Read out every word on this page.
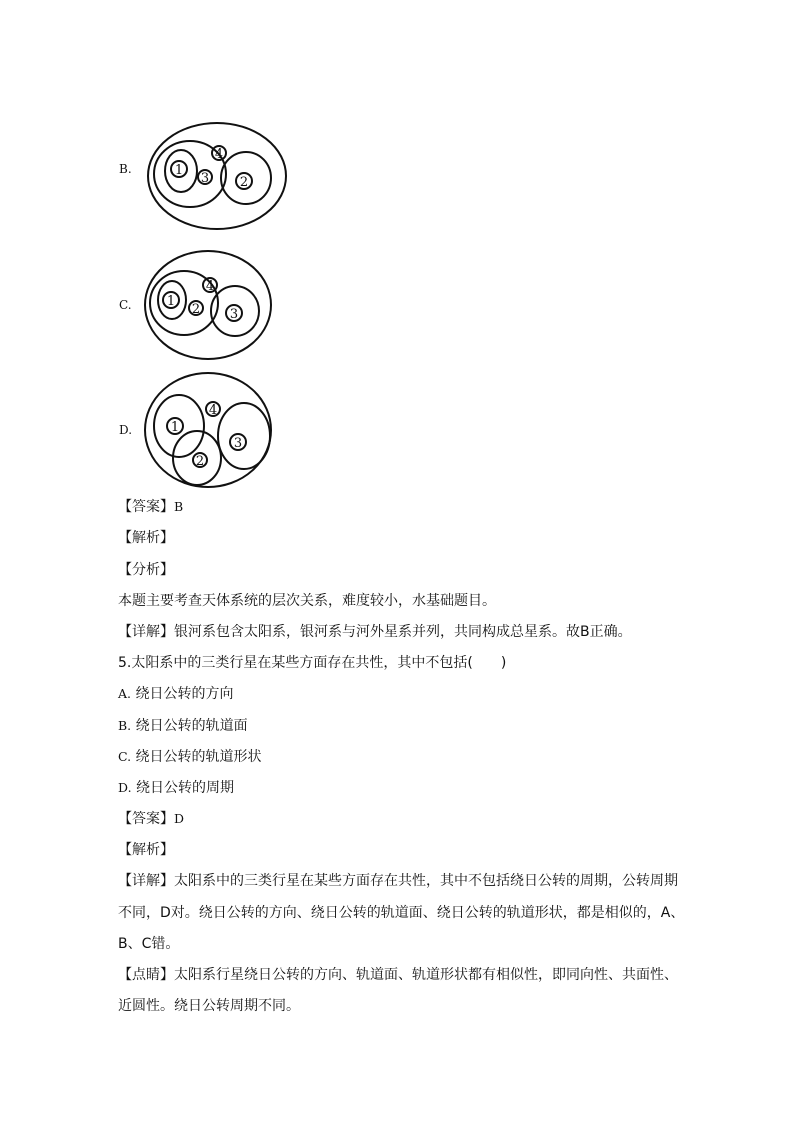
B.	1
4
3 2
C.	1
4
2 3
D.	1
4
2
3
【答案】B
【解析】
【分析】
本题主要考查天体系统的层次关系，难度较小，水基础题目。
【详解】银河系包含太阳系，银河系与河外星系并列，共同构成总星系。故B正确。
5.太阳系中的三类行星在某些方面存在共性，其中不包括(　　)
A. 绕日公转的方向
B. 绕日公转的轨道面
C. 绕日公转的轨道形状
D. 绕日公转的周期
【答案】D
【解析】
【详解】太阳系中的三类行星在某些方面存在共性，其中不包括绕日公转的周期，公转周期
不同，D对。绕日公转的方向、绕日公转的轨道面、绕日公转的轨道形状，都是相似的，A、
B、C错。
【点睛】太阳系行星绕日公转的方向、轨道面、轨道形状都有相似性，即同向性、共面性、
近圆性。绕日公转周期不同。
